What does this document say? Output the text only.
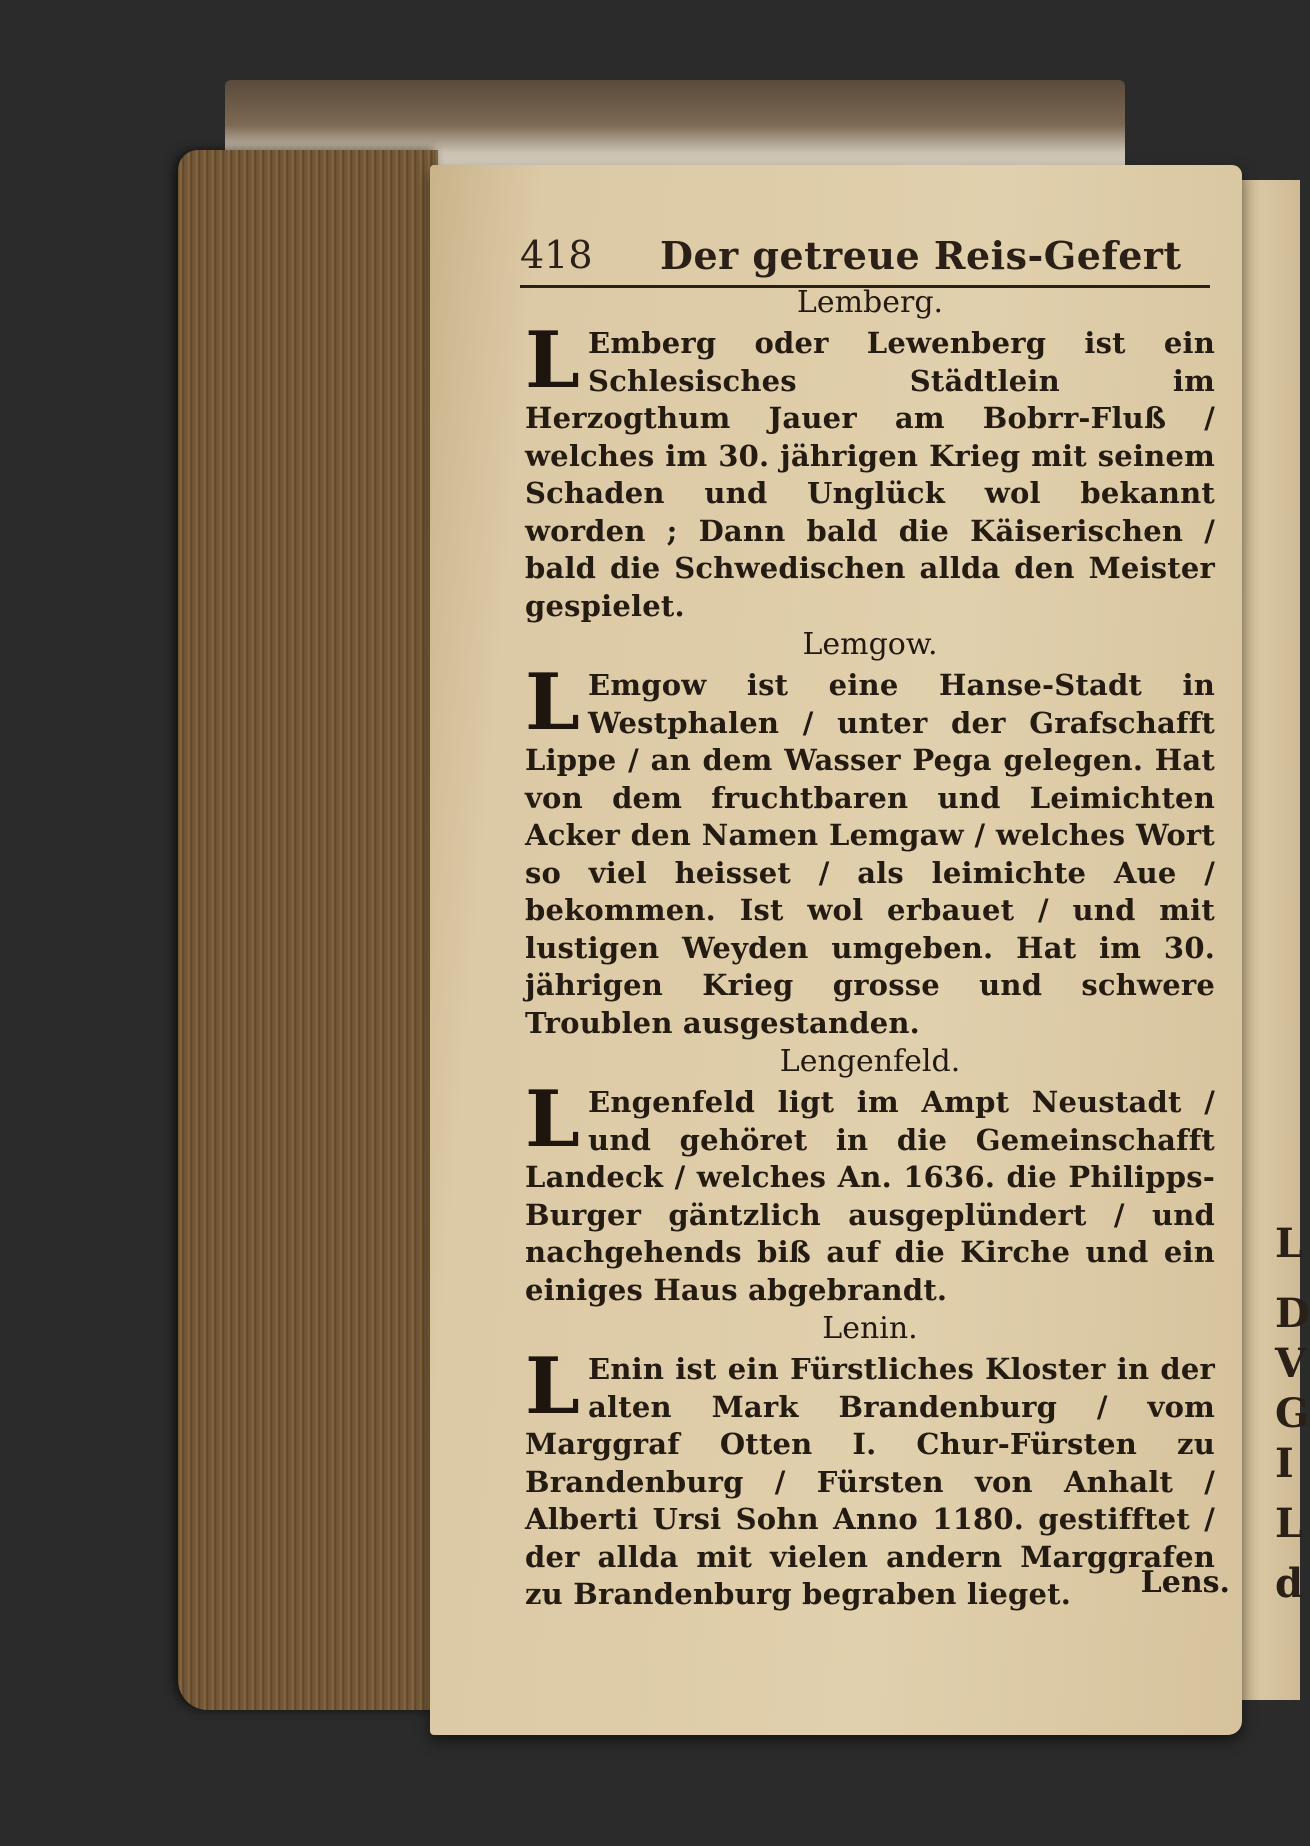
L
D
V
G
I
L
d
418 Der getreue Reis-Gefert
Lemberg.
L Emberg oder Lewenberg ist ein Schlesisches Städtlein im Herzogthum Jauer am Bobrr-Fluß / welches im 30. jährigen Krieg mit seinem Schaden und Unglück wol bekannt worden ; Dann bald die Käiserischen / bald die Schwedischen allda den Meister gespielet.
Lemgow.
L Emgow ist eine Hanse-Stadt in Westphalen / unter der Grafschafft Lippe / an dem Wasser Pega gelegen. Hat von dem fruchtbaren und Leimichten Acker den Namen Lemgaw / welches Wort so viel heisset / als leimichte Aue / bekommen. Ist wol erbauet / und mit lustigen Weyden umgeben. Hat im 30. jährigen Krieg grosse und schwere Troublen ausgestanden.
Lengenfeld.
L Engenfeld ligt im Ampt Neustadt / und gehöret in die Gemeinschafft Landeck / welches An. 1636. die Philipps-Burger gäntzlich ausgeplündert / und nachgehends biß auf die Kirche und ein einiges Haus abgebrandt.
Lenin.
L Enin ist ein Fürstliches Kloster in der alten Mark Brandenburg / vom Marggraf Otten I. Chur-Fürsten zu Brandenburg / Fürsten von Anhalt / Alberti Ursi Sohn Anno 1180. gestifftet / der allda mit vielen andern Marggrafen zu Brandenburg begraben lieget.	Lens.
